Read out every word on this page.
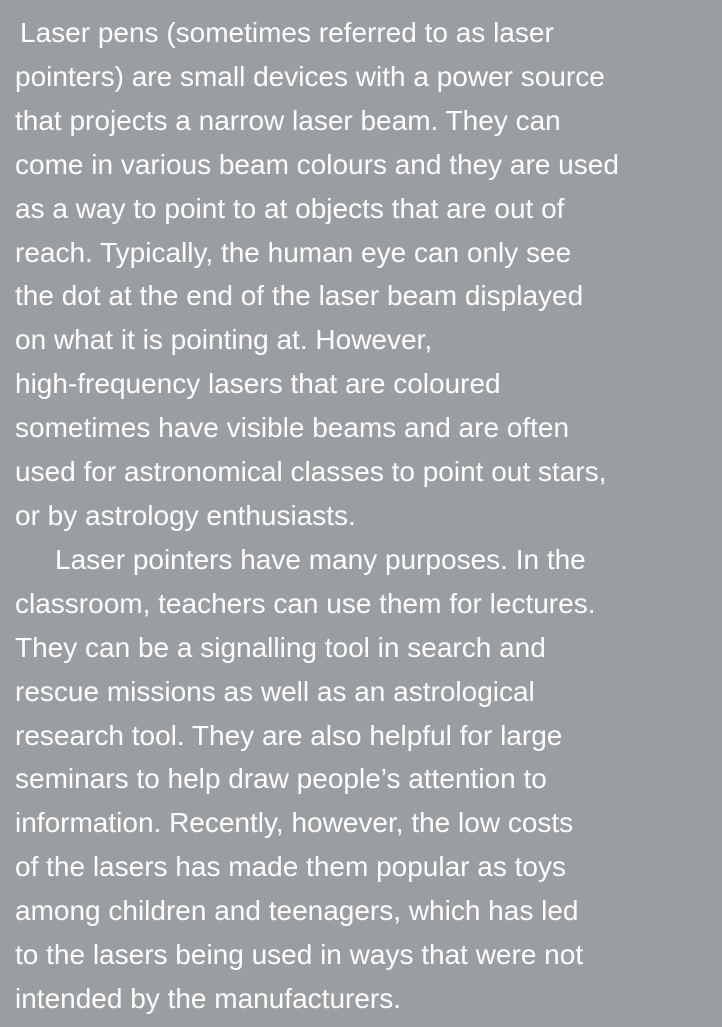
Laser pens (sometimes referred to as laser
pointers) are small devices with a power source
that projects a narrow laser beam. They can
come in various beam colours and they are used
as a way to point to at objects that are out of
reach. Typically, the human eye can only see
the dot at the end of the laser beam displayed
on what it is pointing at. However,
high-frequency lasers that are coloured
sometimes have visible beams and are often
used for astronomical classes to point out stars,
or by astrology enthusiasts.
Laser pointers have many purposes. In the
classroom, teachers can use them for lectures.
They can be a signalling tool in search and
rescue missions as well as an astrological
research tool. They are also helpful for large
seminars to help draw people’s attention to
information. Recently, however, the low costs
of the lasers has made them popular as toys
among children and teenagers, which has led
to the lasers being used in ways that were not
intended by the manufacturers.
